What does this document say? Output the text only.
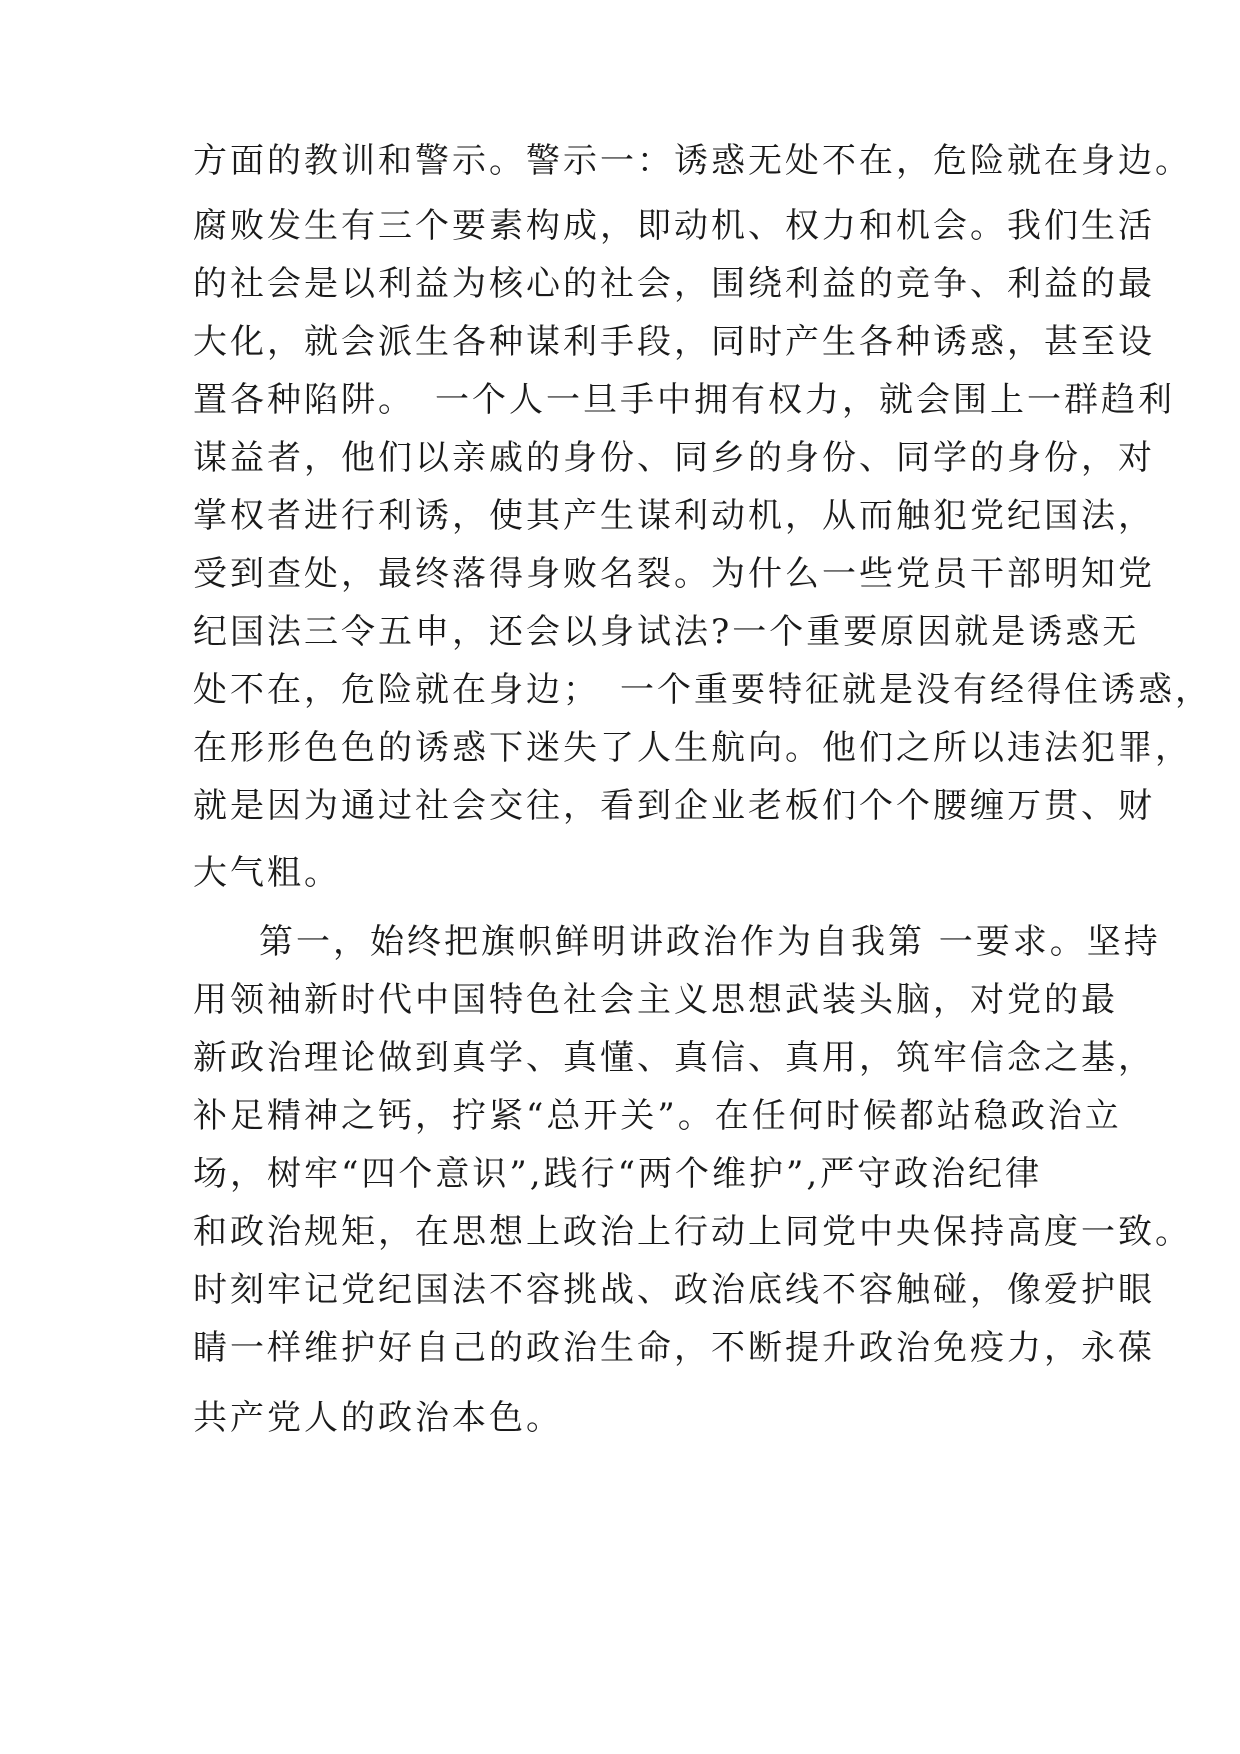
方面的教训和警示。警示一：诱惑无处不在，危险就在身边。
腐败发生有三个要素构成，即动机、权力和机会。我们生活
的社会是以利益为核心的社会，围绕利益的竞争、利益的最
大化，就会派生各种谋利手段，同时产生各种诱惑，甚至设
置各种陷阱。　一个人一旦手中拥有权力，就会围上一群趋利
谋益者，他们以亲戚的身份、同乡的身份、同学的身份，对
掌权者进行利诱，使其产生谋利动机，从而触犯党纪国法，
受到查处，最终落得身败名裂。为什么一些党员干部明知党
纪国法三令五申，还会以身试法?一个重要原因就是诱惑无
处不在，危险就在身边；　一个重要特征就是没有经得住诱惑，
在形形色色的诱惑下迷失了人生航向。他们之所以违法犯罪，
就是因为通过社会交往，看到企业老板们个个腰缠万贯、财
大气粗。
第一，始终把旗帜鲜明讲政治作为自我第 一要求。坚持
用领袖新时代中国特色社会主义思想武装头脑，对党的最
新政治理论做到真学、真懂、真信、真用，筑牢信念之基，
补足精神之钙，拧紧“总开关”。在任何时候都站稳政治立
场，树牢“四个意识”,践行“两个维护”,严守政治纪律
和政治规矩，在思想上政治上行动上同党中央保持高度一致。
时刻牢记党纪国法不容挑战、政治底线不容触碰，像爱护眼
睛一样维护好自己的政治生命，不断提升政治免疫力，永葆
共产党人的政治本色。
